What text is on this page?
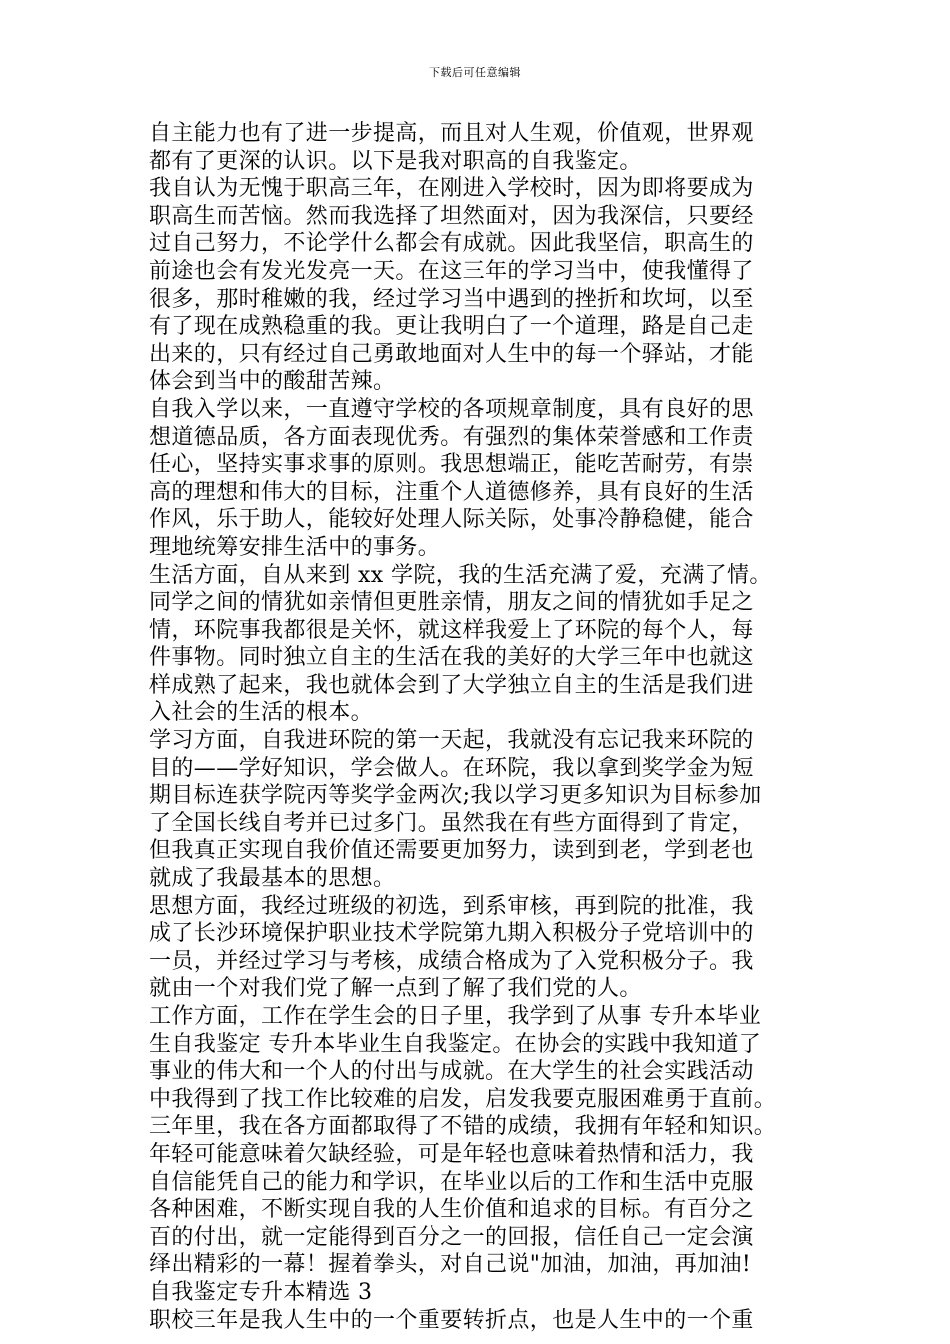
下载后可任意编辑
自主能力也有了进一步提高，而且对人生观，价值观，世界观
都有了更深的认识。以下是我对职高的自我鉴定。
我自认为无愧于职高三年，在刚进入学校时，因为即将要成为
职高生而苦恼。然而我选择了坦然面对，因为我深信，只要经
过自己努力，不论学什么都会有成就。因此我坚信，职高生的
前途也会有发光发亮一天。在这三年的学习当中，使我懂得了
很多，那时稚嫩的我，经过学习当中遇到的挫折和坎坷，以至
有了现在成熟稳重的我。更让我明白了一个道理，路是自己走
出来的，只有经过自己勇敢地面对人生中的每一个驿站，才能
体会到当中的酸甜苦辣。
自我入学以来，一直遵守学校的各项规章制度，具有良好的思
想道德品质，各方面表现优秀。有强烈的集体荣誉感和工作责
任心，坚持实事求事的原则。我思想端正，能吃苦耐劳，有崇
高的理想和伟大的目标，注重个人道德修养，具有良好的生活
作风，乐于助人，能较好处理人际关际，处事冷静稳健，能合
理地统筹安排生活中的事务。
生活方面，自从来到 xx 学院，我的生活充满了爱，充满了情。
同学之间的情犹如亲情但更胜亲情，朋友之间的情犹如手足之
情，环院事我都很是关怀，就这样我爱上了环院的每个人，每
件事物。同时独立自主的生活在我的美好的大学三年中也就这
样成熟了起来，我也就体会到了大学独立自主的生活是我们进
入社会的生活的根本。
学习方面，自我进环院的第一天起，我就没有忘记我来环院的
目的——学好知识，学会做人。在环院，我以拿到奖学金为短
期目标连获学院丙等奖学金两次;我以学习更多知识为目标参加
了全国长线自考并已过多门。虽然我在有些方面得到了肯定，
但我真正实现自我价值还需要更加努力，读到到老，学到老也
就成了我最基本的思想。
思想方面，我经过班级的初选，到系审核，再到院的批准，我
成了长沙环境保护职业技术学院第九期入积极分子党培训中的
一员，并经过学习与考核，成绩合格成为了入党积极分子。我
就由一个对我们党了解一点到了解了我们党的人。
工作方面，工作在学生会的日子里，我学到了从事 专升本毕业
生自我鉴定 专升本毕业生自我鉴定。在协会的实践中我知道了
事业的伟大和一个人的付出与成就。在大学生的社会实践活动
中我得到了找工作比较难的启发，启发我要克服困难勇于直前。
三年里，我在各方面都取得了不错的成绩，我拥有年轻和知识。
年轻可能意味着欠缺经验，可是年轻也意味着热情和活力，我
自信能凭自己的能力和学识，在毕业以后的工作和生活中克服
各种困难，不断实现自我的人生价值和追求的目标。有百分之
百的付出，就一定能得到百分之一的回报，信任自己一定会演
绎出精彩的一幕！握着拳头，对自己说"加油，加油，再加油!
自我鉴定专升本精选 3
职校三年是我人生中的一个重要转折点，也是人生中的一个重
